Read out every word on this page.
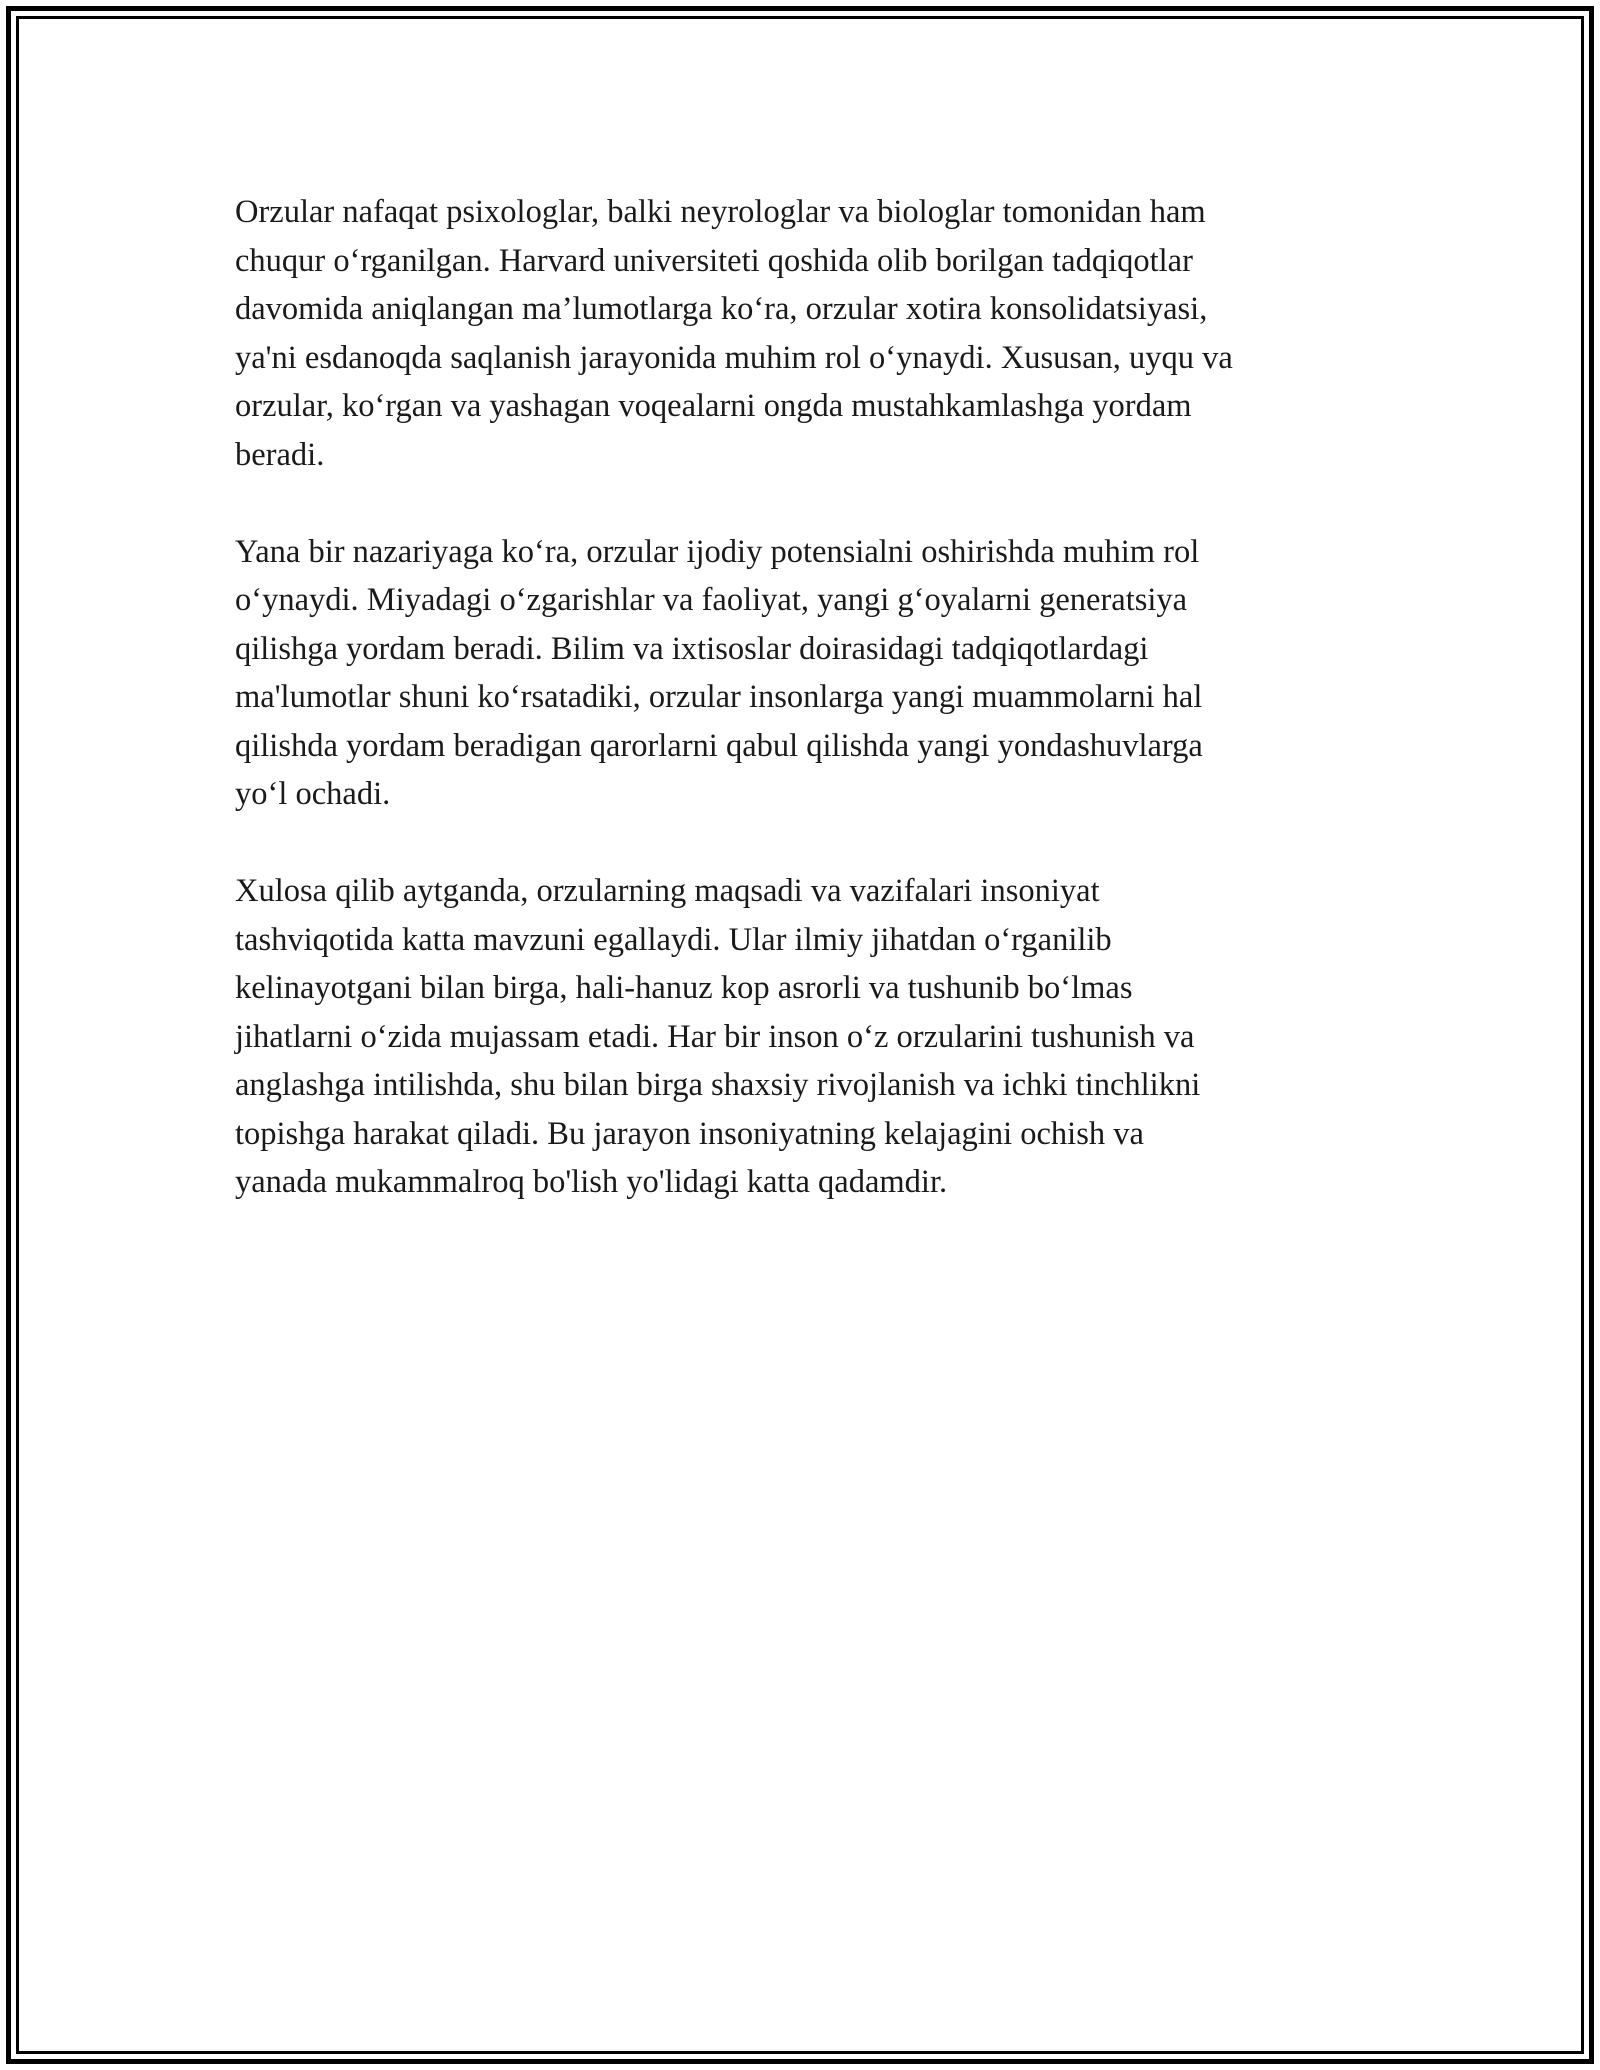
Orzular nafaqat psixologlar, balki neyrologlar va biologlar tomonidan ham
chuqur o‘rganilgan. Harvard universiteti qoshida olib borilgan tadqiqotlar
davomida aniqlangan ma’lumotlarga ko‘ra, orzular xotira konsolidatsiyasi,
ya'ni esdanoqda saqlanish jarayonida muhim rol o‘ynaydi. Xususan, uyqu va
orzular, ko‘rgan va yashagan voqealarni ongda mustahkamlashga yordam
beradi.

Yana bir nazariyaga ko‘ra, orzular ijodiy potensialni oshirishda muhim rol
o‘ynaydi. Miyadagi o‘zgarishlar va faoliyat, yangi g‘oyalarni generatsiya
qilishga yordam beradi. Bilim va ixtisoslar doirasidagi tadqiqotlardagi
ma'lumotlar shuni ko‘rsatadiki, orzular insonlarga yangi muammolarni hal
qilishda yordam beradigan qarorlarni qabul qilishda yangi yondashuvlarga
yo‘l ochadi.

Xulosa qilib aytganda, orzularning maqsadi va vazifalari insoniyat
tashviqotida katta mavzuni egallaydi. Ular ilmiy jihatdan o‘rganilib
kelinayotgani bilan birga, hali-hanuz kop asrorli va tushunib bo‘lmas
jihatlarni o‘zida mujassam etadi. Har bir inson o‘z orzularini tushunish va
anglashga intilishda, shu bilan birga shaxsiy rivojlanish va ichki tinchlikni
topishga harakat qiladi. Bu jarayon insoniyatning kelajagini ochish va
yanada mukammalroq bo'lish yo'lidagi katta qadamdir.
